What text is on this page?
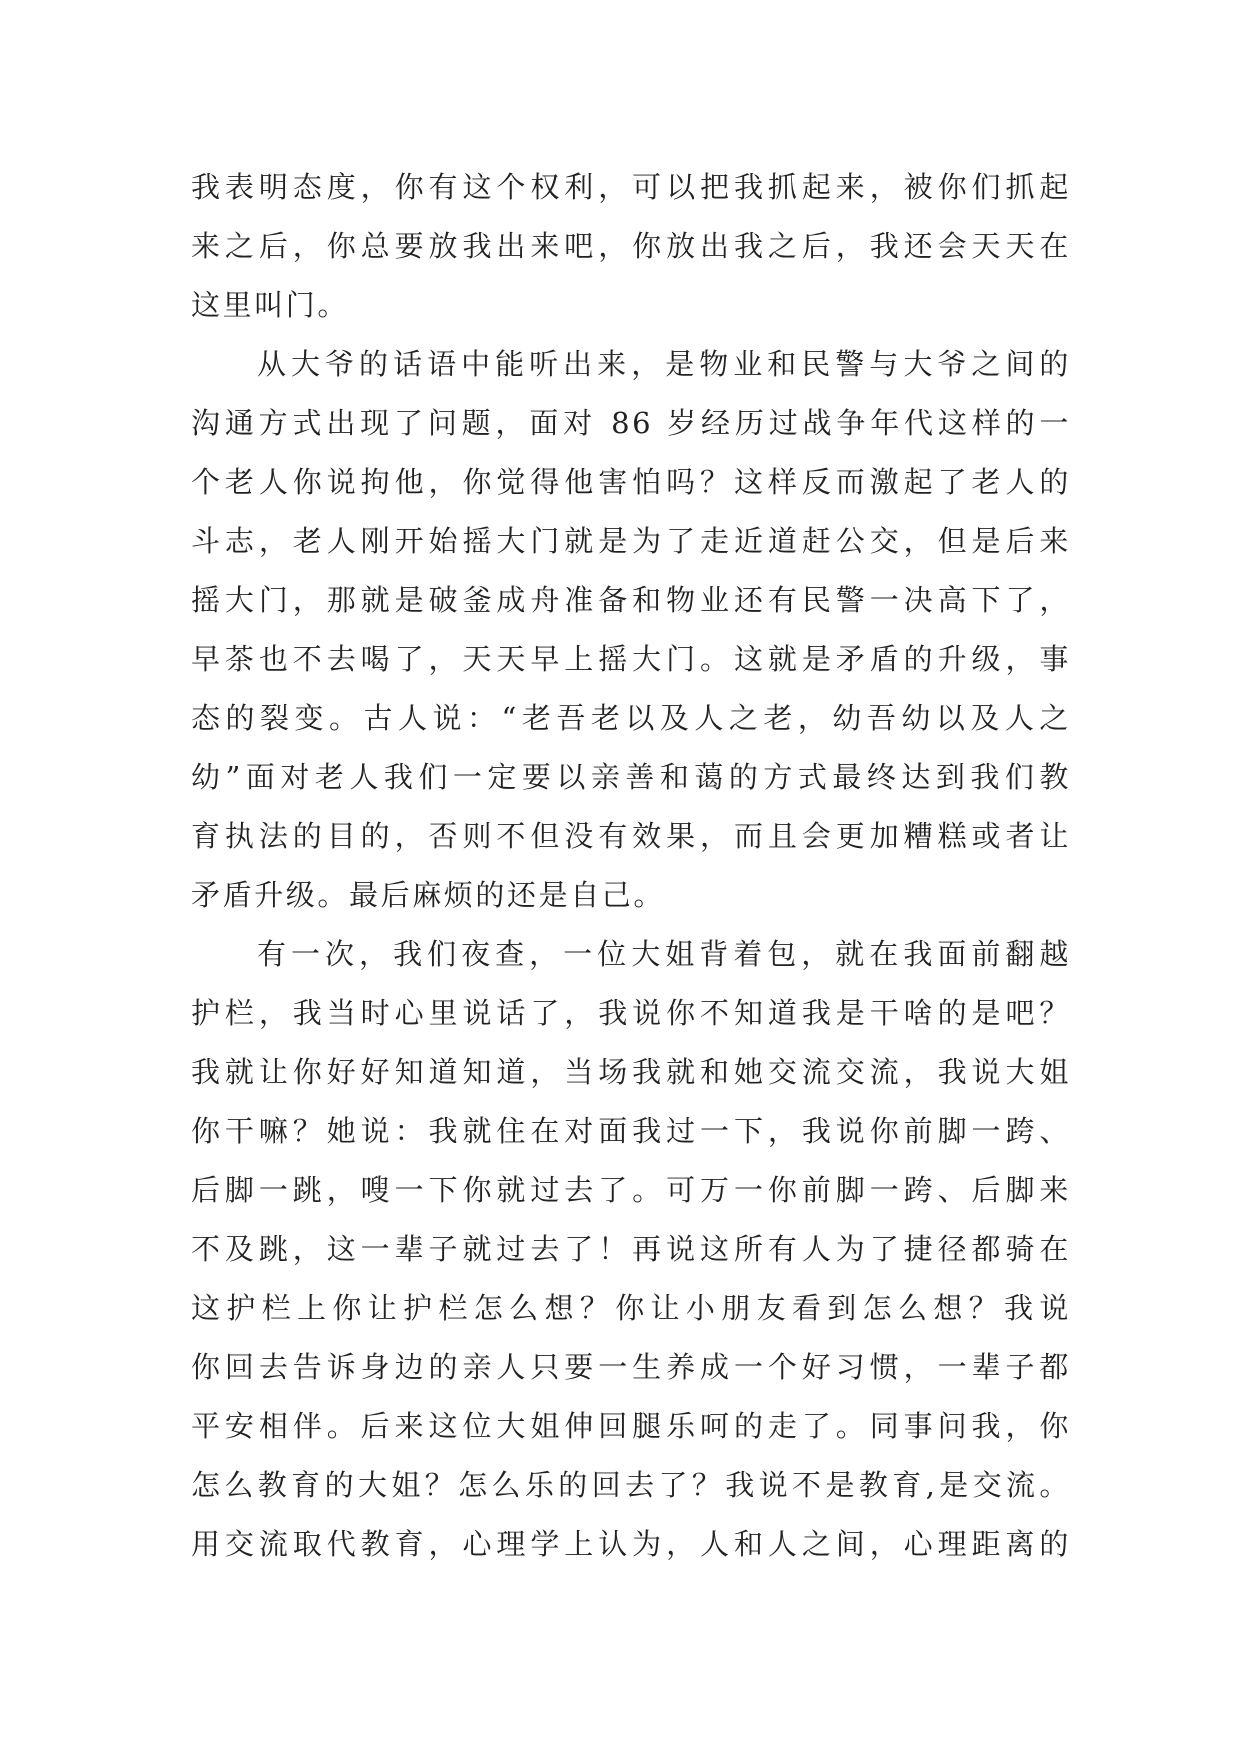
我表明态度，你有这个权利，可以把我抓起来，被你们抓起
来之后，你总要放我出来吧，你放出我之后，我还会天天在
这里叫门。
从大爷的话语中能听出来，是物业和民警与大爷之间的
沟通方式出现了问题，面对 86 岁经历过战争年代这样的一
个老人你说拘他，你觉得他害怕吗？这样反而激起了老人的
斗志，老人刚开始摇大门就是为了走近道赶公交，但是后来
摇大门，那就是破釜成舟准备和物业还有民警一决高下了，
早茶也不去喝了，天天早上摇大门。这就是矛盾的升级，事
态的裂变。古人说：“老吾老以及人之老，幼吾幼以及人之
幼”面对老人我们一定要以亲善和蔼的方式最终达到我们教
育执法的目的，否则不但没有效果，而且会更加糟糕或者让
矛盾升级。最后麻烦的还是自己。
有一次，我们夜查，一位大姐背着包，就在我面前翻越
护栏，我当时心里说话了，我说你不知道我是干啥的是吧？
我就让你好好知道知道，当场我就和她交流交流，我说大姐
你干嘛？她说：我就住在对面我过一下，我说你前脚一跨、
后脚一跳，嗖一下你就过去了。可万一你前脚一跨、后脚来
不及跳，这一辈子就过去了！再说这所有人为了捷径都骑在
这护栏上你让护栏怎么想？你让小朋友看到怎么想？我说
你回去告诉身边的亲人只要一生养成一个好习惯，一辈子都
平安相伴。后来这位大姐伸回腿乐呵的走了。同事问我，你
怎么教育的大姐？怎么乐的回去了？我说不是教育,是交流。
用交流取代教育，心理学上认为，人和人之间，心理距离的
